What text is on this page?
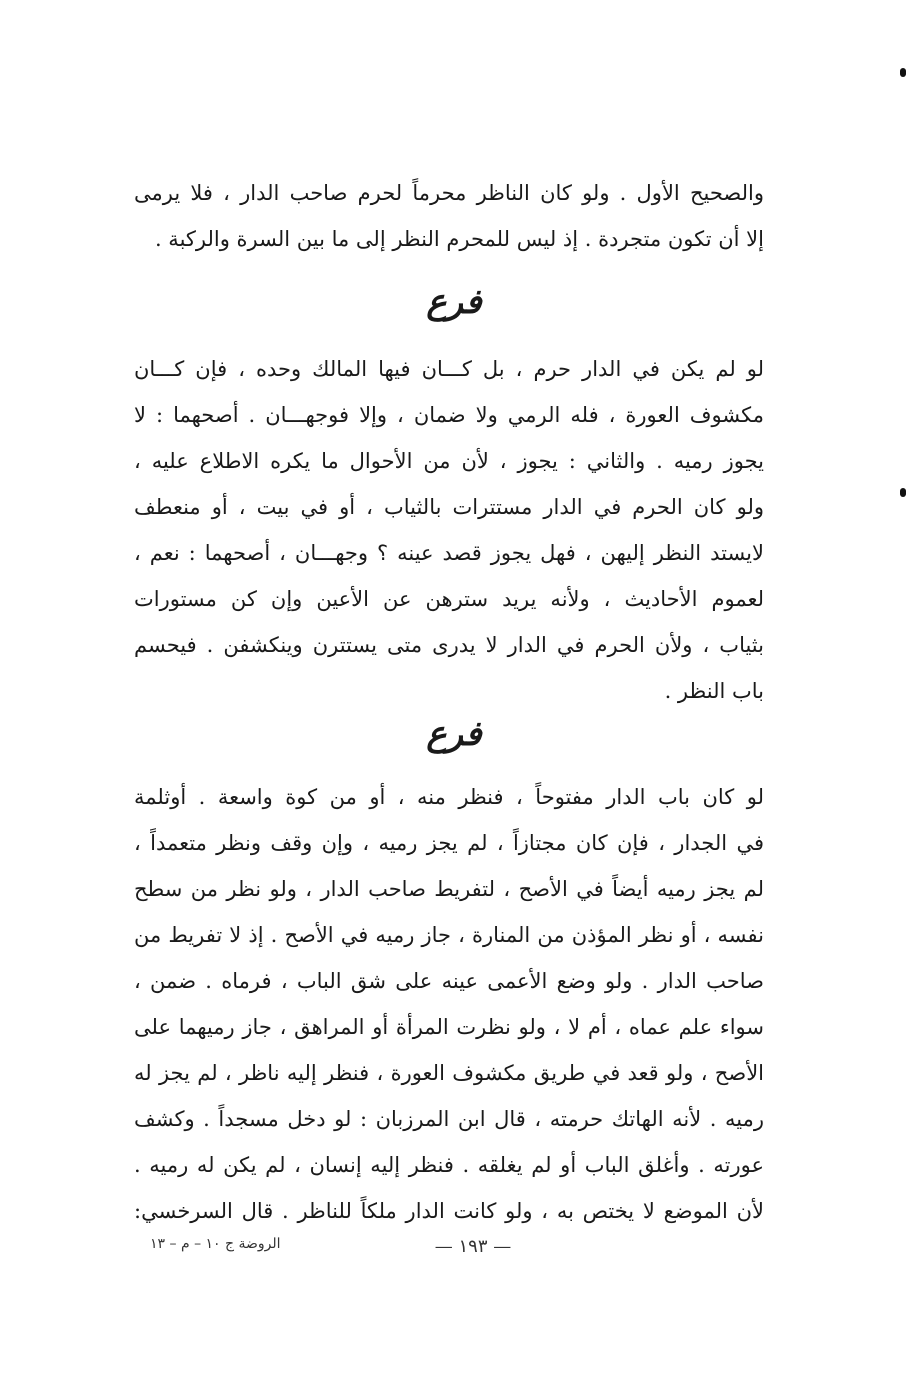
والصحيح الأول . ولو كان الناظر محرماً لحرم صاحب الدار ، فلا يرمى
إلا أن تكون متجردة . إذ ليس للمحرم النظر إلى ما بين السرة والركبة .
فرع
لو لم يكن في الدار حرم ، بل كـــان فيها المالك وحده ، فإن كـــان
مكشوف العورة ، فله الرمي ولا ضمان ، وإلا فوجهـــان . أصحهما : لا
يجوز رميه . والثاني : يجوز ، لأن من الأحوال ما يكره الاطلاع عليه ،
ولو كان الحرم في الدار مستترات بالثياب ، أو في بيت ، أو منعطف
لايستد النظر إليهن ، فهل يجوز قصد عينه ؟ وجهـــان ، أصحهما : نعم ،
لعموم الأحاديث ، ولأنه يريد سترهن عن الأعين وإن كن مستورات
بثياب ، ولأن الحرم في الدار لا يدرى متى يستترن وينكشفن . فيحسم
باب النظر .
فرع
لو كان باب الدار مفتوحاً ، فنظر منه ، أو من كوة واسعة . أوثلمة
في الجدار ، فإن كان مجتازاً ، لم يجز رميه ، وإن وقف ونظر متعمداً ،
لم يجز رميه أيضاً في الأصح ، لتفريط صاحب الدار ، ولو نظر من سطح
نفسه ، أو نظر المؤذن من المنارة ، جاز رميه في الأصح . إذ لا تفريط من
صاحب الدار . ولو وضع الأعمى عينه على شق الباب ، فرماه . ضمن ،
سواء علم عماه ، أم لا ، ولو نظرت المرأة أو المراهق ، جاز رميهما على
الأصح ، ولو قعد في طريق مكشوف العورة ، فنظر إليه ناظر ، لم يجز له
رميه . لأنه الهاتك حرمته ، قال ابن المرزبان : لو دخل مسجداً . وكشف
عورته . وأغلق الباب أو لم يغلقه . فنظر إليه إنسان ، لم يكن له رميه .
لأن الموضع لا يختص به ، ولو كانت الدار ملكاً للناظر . قال السرخسي:
— ١٩٣ —
الروضة ج ١٠ – م – ١٣
